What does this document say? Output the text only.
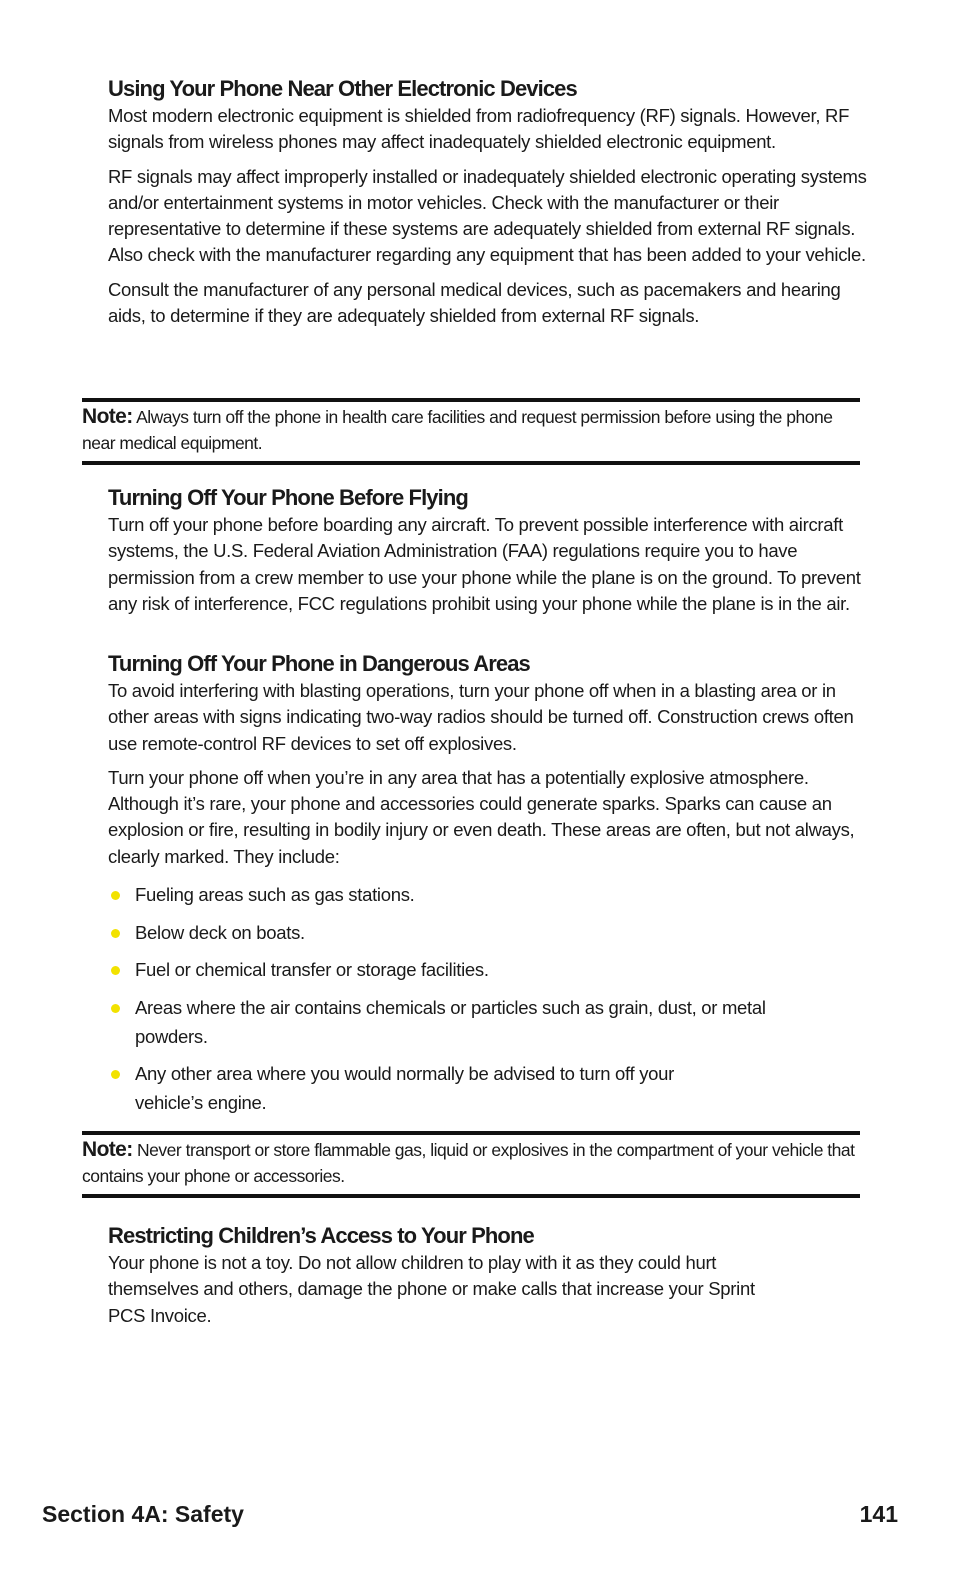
Using Your Phone Near Other Electronic Devices

Most modern electronic equipment is shielded from radiofrequency (RF) signals. However, RF signals from wireless phones may affect inadequately shielded electronic equipment.

RF signals may affect improperly installed or inadequately shielded electronic operating systems and/or entertainment systems in motor vehicles. Check with the manufacturer or their representative to determine if these systems are adequately shielded from external RF signals. Also check with the manufacturer regarding any equipment that has been added to your vehicle.

Consult the manufacturer of any personal medical devices, such as pacemakers and hearing aids, to determine if they are adequately shielded from external RF signals.

Note: Always turn off the phone in health care facilities and request permission before using the phone near medical equipment.
Turning Off Your Phone Before Flying

Turn off your phone before boarding any aircraft. To prevent possible interference with aircraft systems, the U.S. Federal Aviation Administration (FAA) regulations require you to have permission from a crew member to use your phone while the plane is on the ground. To prevent any risk of interference, FCC regulations prohibit using your phone while the plane is in the air.

Turning Off Your Phone in Dangerous Areas

To avoid interfering with blasting operations, turn your phone off when in a blasting area or in other areas with signs indicating two-way radios should be turned off. Construction crews often use remote-control RF devices to set off explosives.

Turn your phone off when you’re in any area that has a potentially explosive atmosphere. Although it’s rare, your phone and accessories could generate sparks. Sparks can cause an explosion or fire, resulting in bodily injury or even death. These areas are often, but not always, clearly marked. They include:

Fueling areas such as gas stations.
Below deck on boats.
Fuel or chemical transfer or storage facilities.
Areas where the air contains chemicals or particles such as grain, dust, or metal powders.
Any other area where you would normally be advised to turn off your vehicle’s engine.
Note: Never transport or store flammable gas, liquid or explosives in the compartment of your vehicle that contains your phone or accessories.
Restricting Children’s Access to Your Phone

Your phone is not a toy. Do not allow children to play with it as they could hurt themselves and others, damage the phone or make calls that increase your Sprint PCS Invoice.

Section 4A: Safety	141
